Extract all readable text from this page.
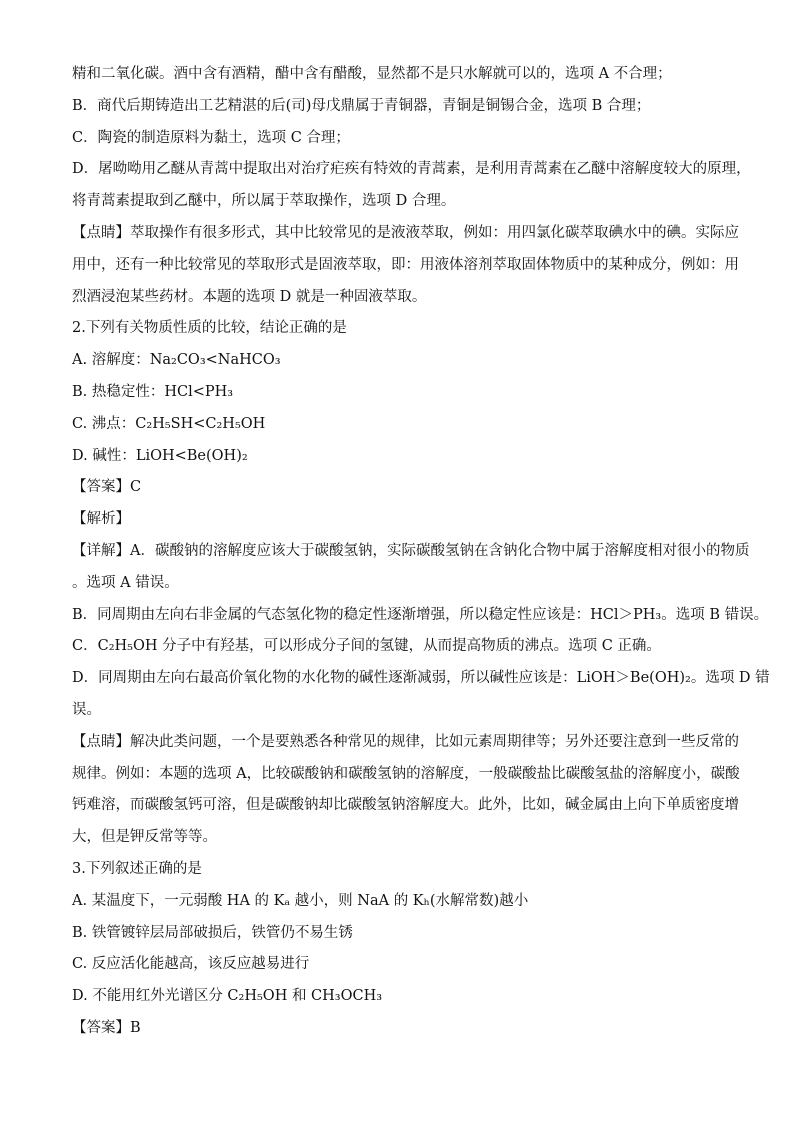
精和二氧化碳。酒中含有酒精，醋中含有醋酸，显然都不是只水解就可以的，选项 A 不合理；
B．商代后期铸造出工艺精湛的后(司)母戊鼎属于青铜器，青铜是铜锡合金，选项 B 合理；
C．陶瓷的制造原料为黏土，选项 C 合理；
D．屠呦呦用乙醚从青蒿中提取出对治疗疟疾有特效的青蒿素，是利用青蒿素在乙醚中溶解度较大的原理，
将青蒿素提取到乙醚中，所以属于萃取操作，选项 D 合理。
【点睛】萃取操作有很多形式，其中比较常见的是液液萃取，例如：用四氯化碳萃取碘水中的碘。实际应
用中，还有一种比较常见的萃取形式是固液萃取，即：用液体溶剂萃取固体物质中的某种成分，例如：用
烈酒浸泡某些药材。本题的选项 D 就是一种固液萃取。
2.下列有关物质性质的比较，结论正确的是
A. 溶解度：Na₂CO₃<NaHCO₃
B. 热稳定性：HCl<PH₃
C. 沸点：C₂H₅SH<C₂H₅OH
D. 碱性：LiOH<Be(OH)₂
【答案】C
【解析】
【详解】A．碳酸钠的溶解度应该大于碳酸氢钠，实际碳酸氢钠在含钠化合物中属于溶解度相对很小的物质
。选项 A 错误。
B．同周期由左向右非金属的气态氢化物的稳定性逐渐增强，所以稳定性应该是：HCl＞PH₃。选项 B 错误。
C．C₂H₅OH 分子中有羟基，可以形成分子间的氢键，从而提高物质的沸点。选项 C 正确。
D．同周期由左向右最高价氧化物的水化物的碱性逐渐减弱，所以碱性应该是：LiOH＞Be(OH)₂。选项 D 错
误。
【点睛】解决此类问题，一个是要熟悉各种常见的规律，比如元素周期律等；另外还要注意到一些反常的
规律。例如：本题的选项 A，比较碳酸钠和碳酸氢钠的溶解度，一般碳酸盐比碳酸氢盐的溶解度小，碳酸
钙难溶，而碳酸氢钙可溶，但是碳酸钠却比碳酸氢钠溶解度大。此外，比如，碱金属由上向下单质密度增
大，但是钾反常等等。
3.下列叙述正确的是
A. 某温度下，一元弱酸 HA 的 Kₐ 越小，则 NaA 的 Kₕ(水解常数)越小
B. 铁管镀锌层局部破损后，铁管仍不易生锈
C. 反应活化能越高，该反应越易进行
D. 不能用红外光谱区分 C₂H₅OH 和 CH₃OCH₃
【答案】B
